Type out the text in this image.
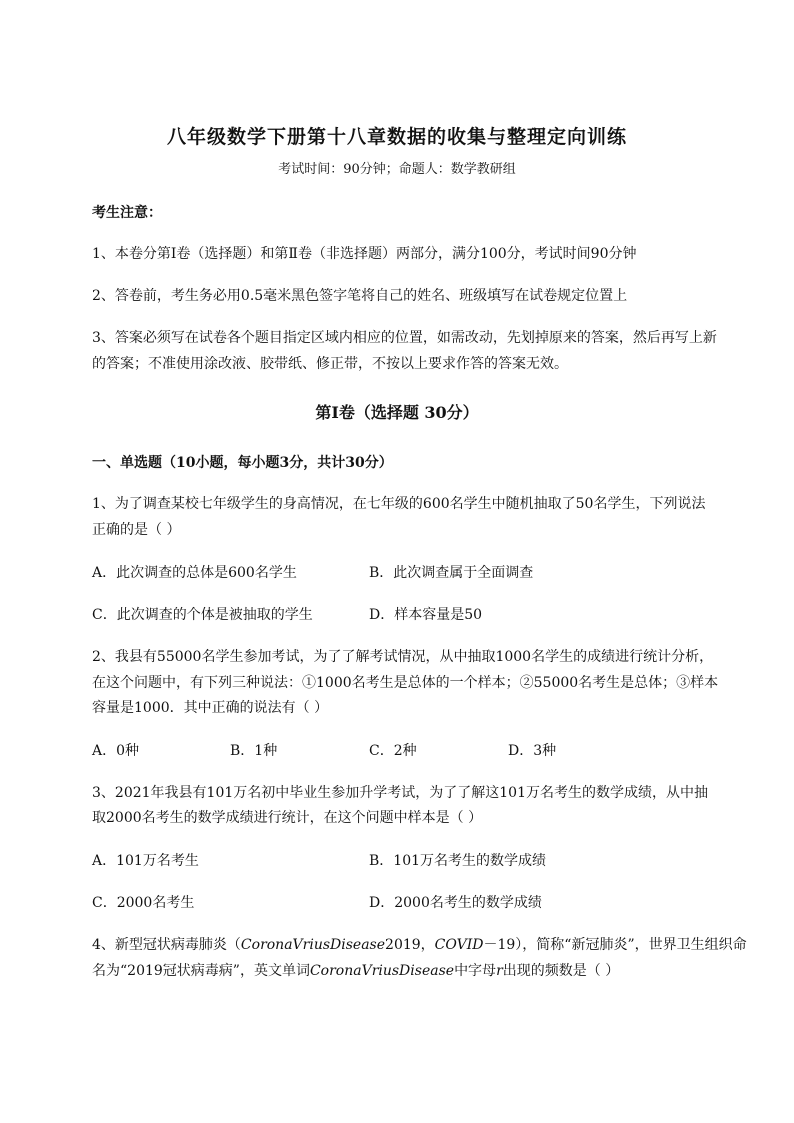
八年级数学下册第十八章数据的收集与整理定向训练
考试时间：90分钟；命题人：数学教研组
考生注意：
1、本卷分第I卷（选择题）和第Ⅱ卷（非选择题）两部分，满分100分，考试时间90分钟
2、答卷前，考生务必用0.5毫米黑色签字笔将自己的姓名、班级填写在试卷规定位置上
3、答案必须写在试卷各个题目指定区域内相应的位置，如需改动，先划掉原来的答案，然后再写上新
的答案；不准使用涂改液、胶带纸、修正带，不按以上要求作答的答案无效。
第I卷（选择题 30分）
一、单选题（10小题，每小题3分，共计30分）
1、为了调查某校七年级学生的身高情况，在七年级的600名学生中随机抽取了50名学生，下列说法
正确的是（ ）
A．此次调查的总体是600名学生	B．此次调查属于全面调查
C．此次调查的个体是被抽取的学生	D．样本容量是50
2、我县有55000名学生参加考试，为了了解考试情况，从中抽取1000名学生的成绩进行统计分析，
在这个问题中，有下列三种说法：①1000名考生是总体的一个样本；②55000名考生是总体；③样本
容量是1000．其中正确的说法有（ ）
A．0种	B．1种	C．2种	D．3种
3、2021年我县有101万名初中毕业生参加升学考试，为了了解这101万名考生的数学成绩，从中抽
取2000名考生的数学成绩进行统计，在这个问题中样本是（ ）
A．101万名考生	B．101万名考生的数学成绩
C．2000名考生	D．2000名考生的数学成绩
4、新型冠状病毒肺炎（CoronaVriusDisease2019，COVID－19），简称“新冠肺炎”，世界卫生组织命
名为“2019冠状病毒病”，英文单词CoronaVriusDisease中字母r出现的频数是（ ）
